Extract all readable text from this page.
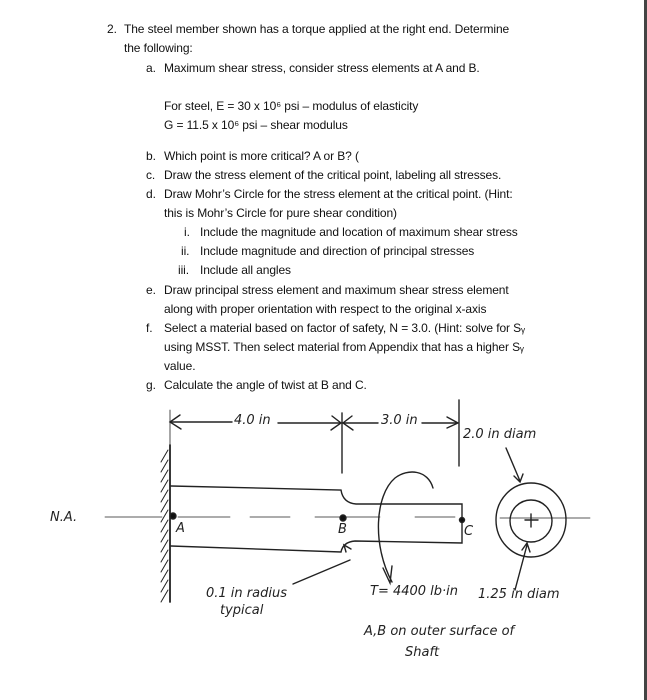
2. The steel member shown has a torque applied at the right end. Determine
the following:
a. Maximum shear stress, consider stress elements at A and B.
For steel, E = 30 x 10⁶ psi – modulus of elasticity
G = 11.5 x 10⁶ psi – shear modulus
b. Which point is more critical? A or B? (
c. Draw the stress element of the critical point, labeling all stresses.
d. Draw Mohr’s Circle for the stress element at the critical point. (Hint:
this is Mohr’s Circle for pure shear condition)
i. Include the magnitude and location of maximum shear stress
ii. Include magnitude and direction of principal stresses
iii. Include all angles
e. Draw principal stress element and maximum shear stress element
along with proper orientation with respect to the original x-axis
f. Select a material based on factor of safety, N = 3.0. (Hint: solve for Sᵧ
using MSST. Then select material from Appendix that has a higher Sᵧ
value.
g. Calculate the angle of twist at B and C.
4.0 in	3.0 in
2.0 in diam
N.A.
A	B	C
0.1 in radius
typical
T= 4400 lb·in 1.25 in diam
A,B on outer surface of
Shaft
